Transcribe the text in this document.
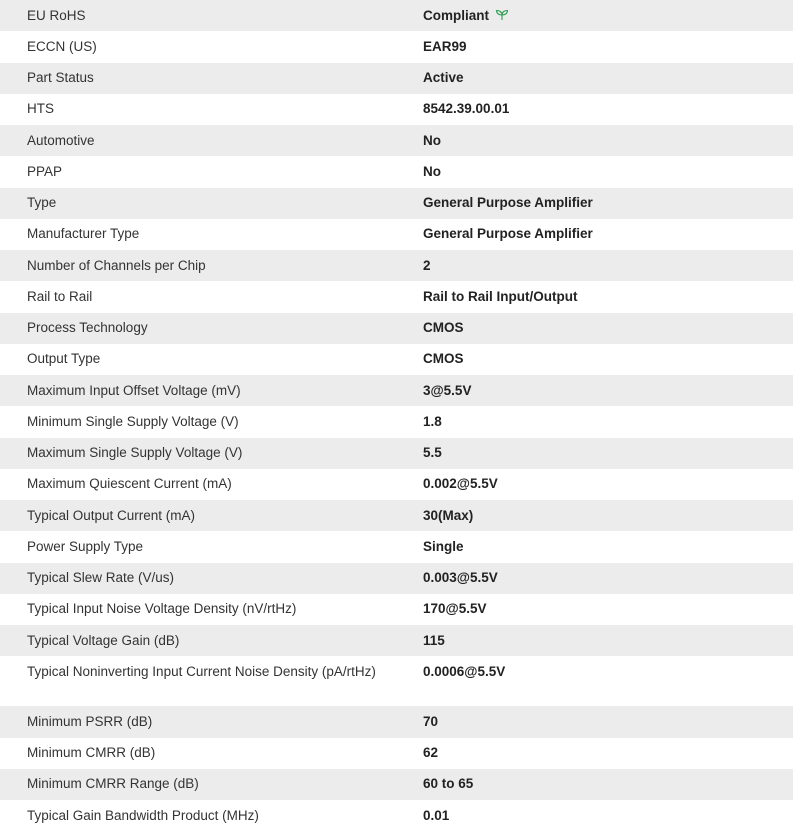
EU RoHS	Compliant
ECCN (US)	EAR99
Part Status	Active
HTS	8542.39.00.01
Automotive	No
PPAP	No
Type	General Purpose Amplifier
Manufacturer Type	General Purpose Amplifier
Number of Channels per Chip	2
Rail to Rail	Rail to Rail Input/Output
Process Technology	CMOS
Output Type	CMOS
Maximum Input Offset Voltage (mV)	3@5.5V
Minimum Single Supply Voltage (V)	1.8
Maximum Single Supply Voltage (V)	5.5
Maximum Quiescent Current (mA)	0.002@5.5V
Typical Output Current (mA)	30(Max)
Power Supply Type	Single
Typical Slew Rate (V/us)	0.003@5.5V
Typical Input Noise Voltage Density (nV/rtHz)	170@5.5V
Typical Voltage Gain (dB)	115
Typical Noninverting Input Current Noise Density (pA/rtHz)	0.0006@5.5V
Minimum PSRR (dB)	70
Minimum CMRR (dB)	62
Minimum CMRR Range (dB)	60 to 65
Typical Gain Bandwidth Product (MHz)	0.01
